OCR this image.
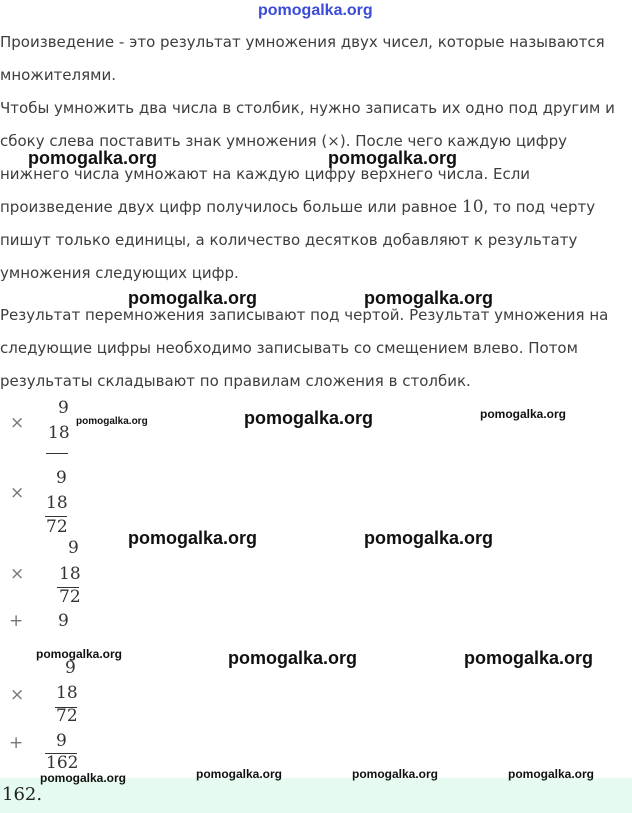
pomogalka.org
pomogalka.org	pomogalka.org
pomogalka.org	pomogalka.org
pomogalka.org	pomogalka.org	pomogalka.org
pomogalka.org	pomogalka.org
pomogalka.org	pomogalka.org	pomogalka.org
pomogalka.org	pomogalka.org	pomogalka.org	pomogalka.org
Произведение - это результат умножения двух чисел, которые называются
множителями.
Чтобы умножить два числа в столбик, нужно записать их одно под другим и
сбоку слева поставить знак умножения (×). После чего каждую цифру
нижнего числа умножают на каждую цифру верхнего числа. Если
произведение двух цифр получилось больше или равное 10, то под черту
пишут только единицы, а количество десятков добавляют к результату
умножения следующих цифр.
Результат перемножения записывают под чертой. Результат умножения на
следующие цифры необходимо записывать со смещением влево. Потом
результаты складывают по правилам сложения в столбик.
9
× 18
9
× 18
72
9
× 18
72
+ 9
9
× 18
72
+ 9
162
162.
